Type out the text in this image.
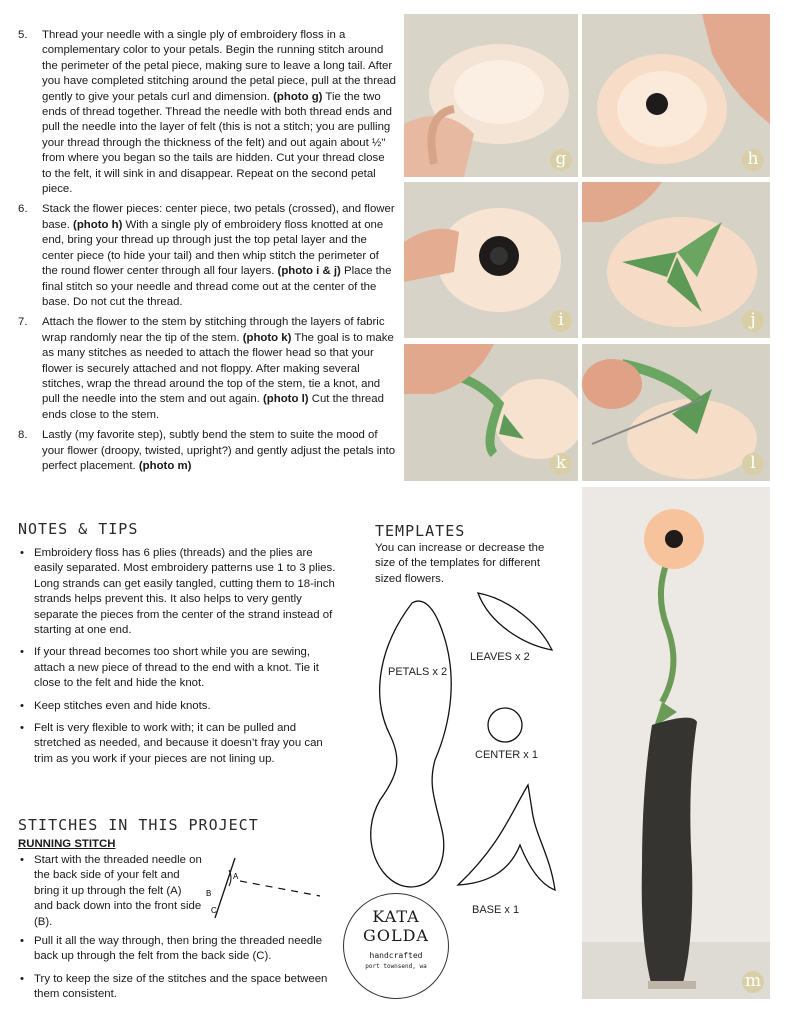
5. Thread your needle with a single ply of embroidery floss in a complementary color to your petals. Begin the running stitch around the perimeter of the petal piece, making sure to leave a long tail. After you have completed stitching around the petal piece, pull at the thread gently to give your petals curl and dimension. (photo g) Tie the two ends of thread together. Thread the needle with both thread ends and pull the needle into the layer of felt (this is not a stitch; you are pulling your thread through the thickness of the felt) and out again about ½" from where you began so the tails are hidden. Cut your thread close to the felt, it will sink in and disappear. Repeat on the second petal piece.
6. Stack the flower pieces: center piece, two petals (crossed), and flower base. (photo h) With a single ply of embroidery floss knotted at one end, bring your thread up through just the top petal layer and the center piece (to hide your tail) and then whip stitch the perimeter of the round flower center through all four layers. (photo i & j) Place the final stitch so your needle and thread come out at the center of the base. Do not cut the thread.
7. Attach the flower to the stem by stitching through the layers of fabric wrap randomly near the tip of the stem. (photo k) The goal is to make as many stitches as needed to attach the flower head so that your flower is securely attached and not floppy. After making several stitches, wrap the thread around the top of the stem, tie a knot, and pull the needle into the stem and out again. (photo l) Cut the thread ends close to the stem.
8. Lastly (my favorite step), subtly bend the stem to suite the mood of your flower (droopy, twisted, upright?) and gently adjust the petals into perfect placement. (photo m)
g	h
i	j
k	l
m
NOTES & TIPS
• Embroidery floss has 6 plies (threads) and the plies are easily separated. Most embroidery patterns use 1 to 3 plies. Long strands can get easily tangled, cutting them to 18-inch strands helps prevent this. It also helps to very gently separate the pieces from the center of the strand instead of starting at one end.
• If your thread becomes too short while you are sewing, attach a new piece of thread to the end with a knot. Tie it close to the felt and hide the knot.
• Keep stitches even and hide knots.
• Felt is very flexible to work with; it can be pulled and stretched as needed, and because it doesn’t fray you can trim as you work if your pieces are not lining up.
TEMPLATES
You can increase or decrease the size of the templates for different sized flowers.
PETALS x 2
LEAVES x 2
CENTER x 1
BASE x 1
STITCHES IN THIS PROJECT
RUNNING STITCH
• Start with the threaded needle on the back side of your felt and bring it up through the felt (A) and back down into the front side (B).
• Pull it all the way through, then bring the threaded needle back up through the felt from the back side (C).
• Try to keep the size of the stitches and the space between them consistent.
A
B
C	KATA
GOLDA
handcrafted
port townsend, wa
